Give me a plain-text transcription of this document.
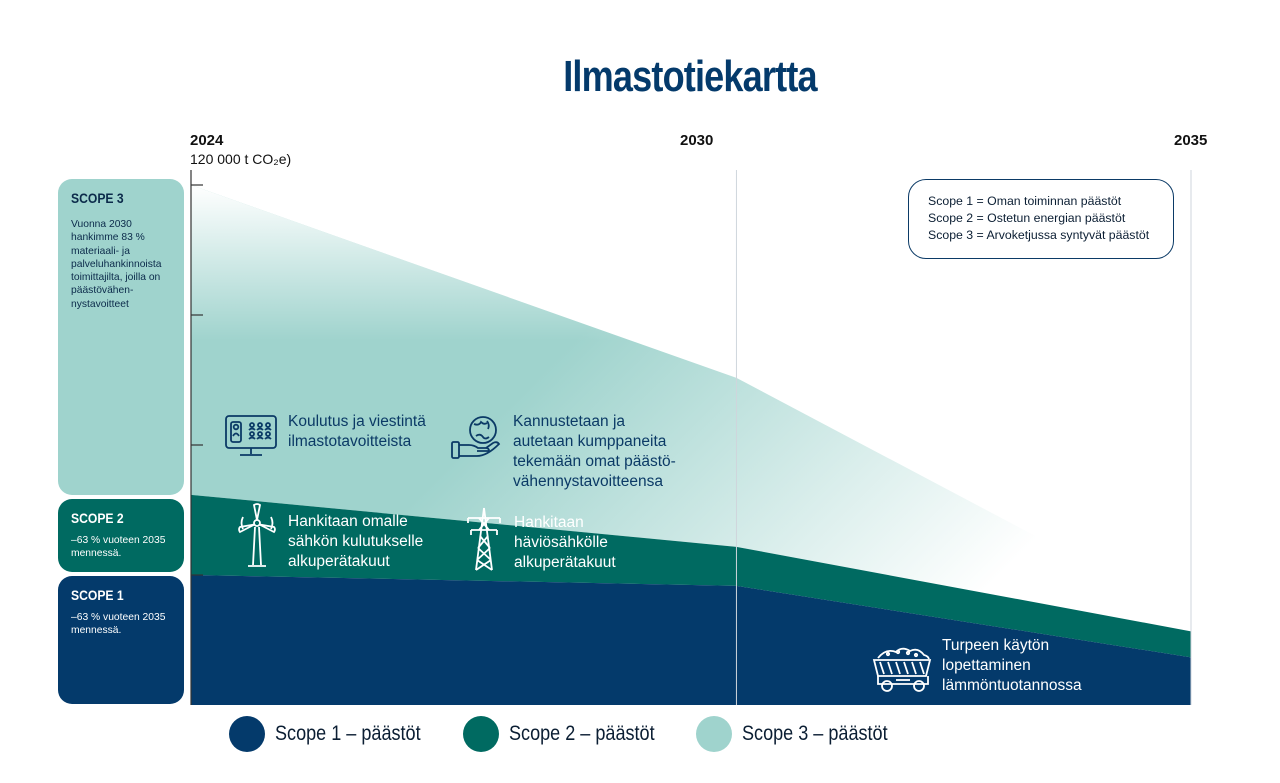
Ilmastotiekartta
2024	2030	2035
120 000 t CO₂e)
SCOPE 3
Vuonna 2030 hankimme 83 % materiaali- ja palveluhankinnoista toimittajilta, joilla on päästövähennystavoitteet
SCOPE 2
–63 % vuoteen 2035 mennessä.
SCOPE 1
–63 % vuoteen 2035 mennessä.
Scope 1 = Oman toiminnan päästöt
Scope 2 = Ostetun energian päästöt
Scope 3 = Arvoketjussa syntyvät päästöt
Koulutus ja viestintä
ilmastotavoitteista
Kannustetaan ja
autetaan kumppaneita
tekemään omat päästö-
vähennystavoitteensa
Hankitaan omalle
sähkön kulutukselle
alkuperätakuut
Hankitaan
häviösähkölle
alkuperätakuut
Turpeen käytön
lopettaminen
lämmöntuotannossa
Scope 1 – päästöt	Scope 2 – päästöt	Scope 3 – päästöt
